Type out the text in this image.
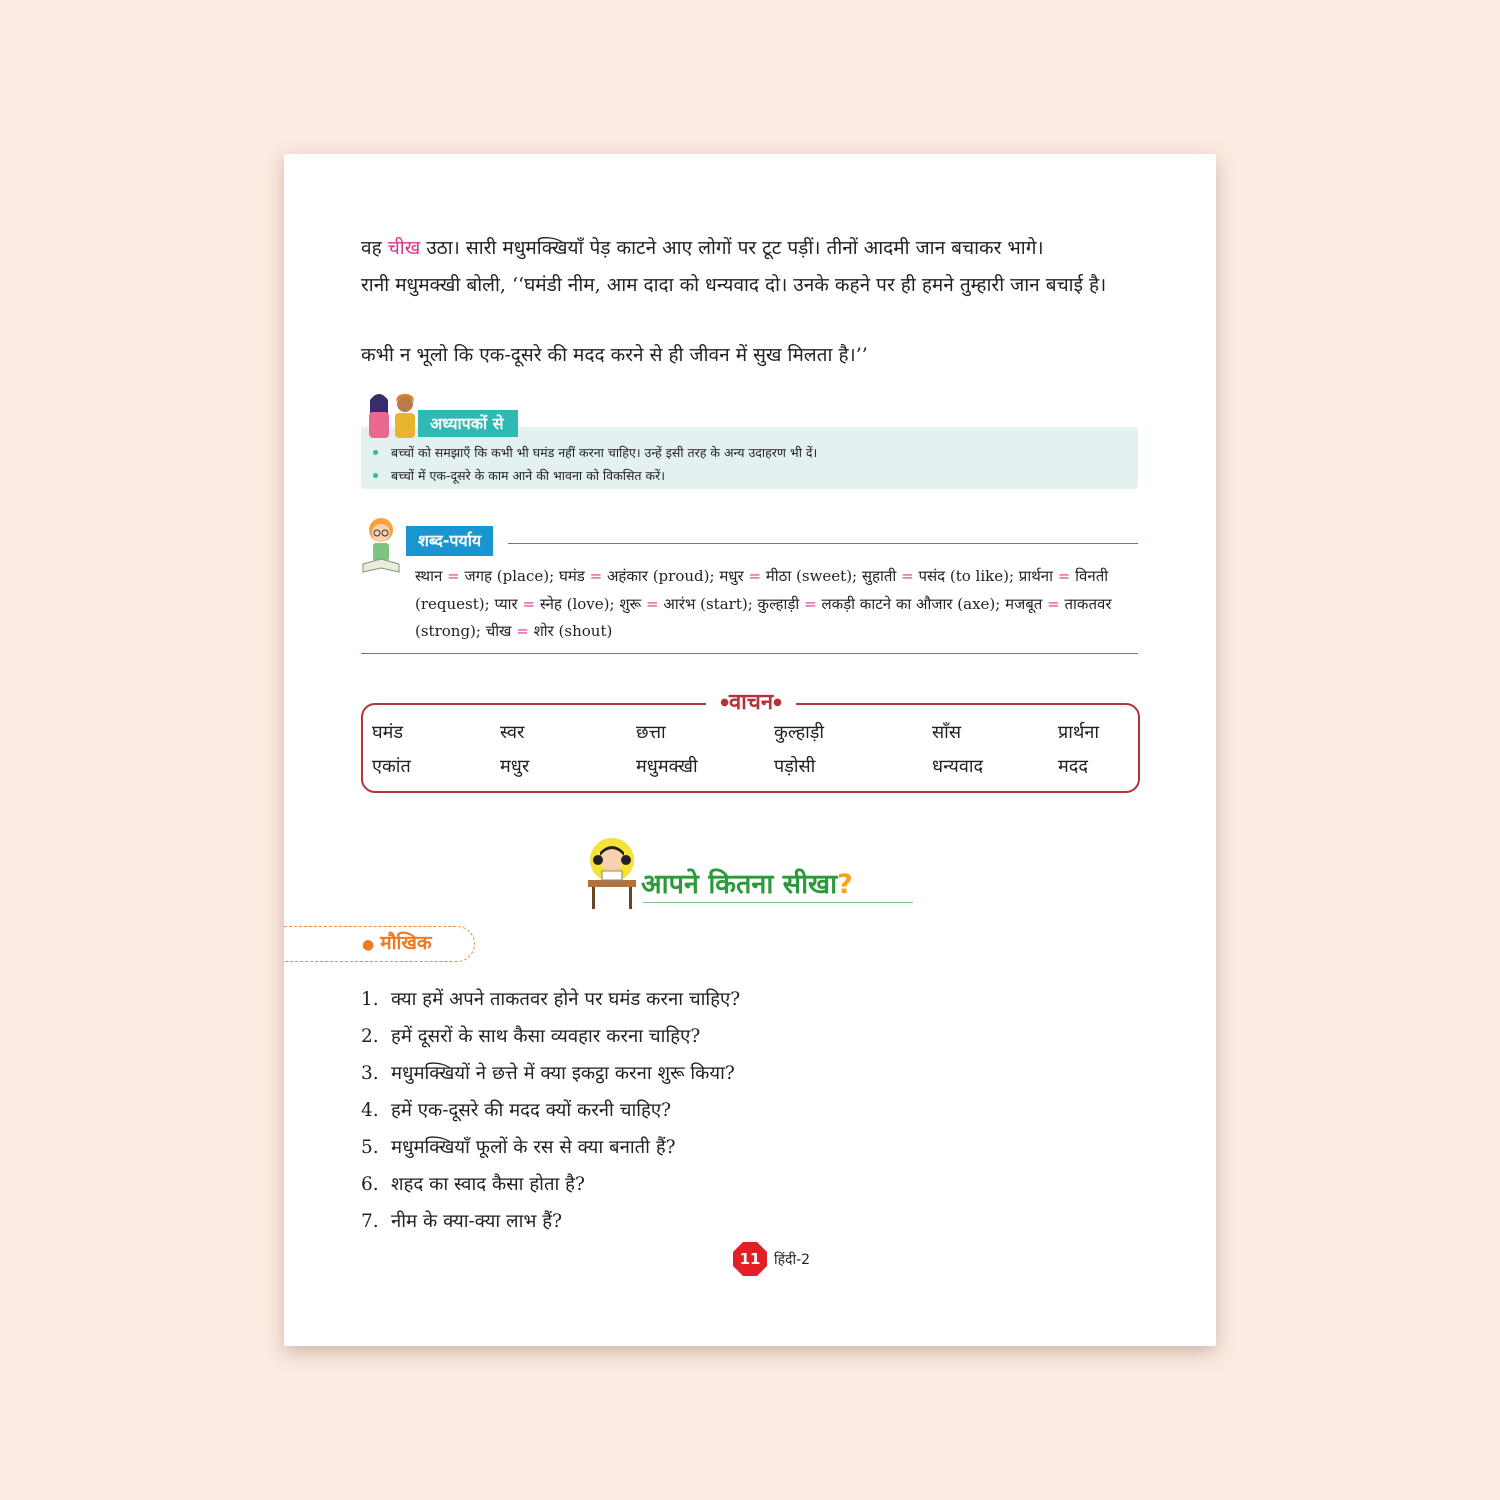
वह चीख उठा। सारी मधुमक्खियाँ पेड़ काटने आए लोगों पर टूट पड़ीं। तीनों आदमी जान बचाकर भागे।

रानी मधुमक्खी बोली, ‘‘घमंडी नीम, आम दादा को धन्यवाद दो। उनके कहने पर ही हमने तुम्हारी जान बचाई है।

कभी न भूलो कि एक-दूसरे की मदद करने से ही जीवन में सुख मिलता है।’’

बच्चों को समझाएँ कि कभी भी घमंड नहीं करना चाहिए। उन्हें इसी तरह के अन्य उदाहरण भी दें।
बच्चों में एक-दूसरे के काम आने की भावना को विकसित करें।
अध्यापकों से
शब्द-पर्याय
स्थान = जगह (place); घमंड = अहंकार (proud); मधुर = मीठा (sweet); सुहाती = पसंद (to like); प्रार्थना = विनती (request); प्यार = स्नेह (love); शुरू = आरंभ (start); कुल्हाड़ी = लकड़ी काटने का औजार (axe); मजबूत = ताकतवर (strong); चीख = शोर (shout)
●वाचन●
आपने कितना सीखा?
● मौखिक
1. क्या हमें अपने ताकतवर होने पर घमंड करना चाहिए?
2. हमें दूसरों के साथ कैसा व्यवहार करना चाहिए?
3. मधुमक्खियों ने छत्ते में क्या इकट्ठा करना शुरू किया?
4. हमें एक-दूसरे की मदद क्यों करनी चाहिए?
5. मधुमक्खियाँ फूलों के रस से क्या बनाती हैं?
6. शहद का स्वाद कैसा होता है?
7. नीम के क्या-क्या लाभ हैं?
11 हिंदी-2
घमंड	स्वर	छत्ता	कुल्हाड़ी	साँस	प्रार्थना
एकांत	मधुर	मधुमक्खी	पड़ोसी	धन्यवाद	मदद
